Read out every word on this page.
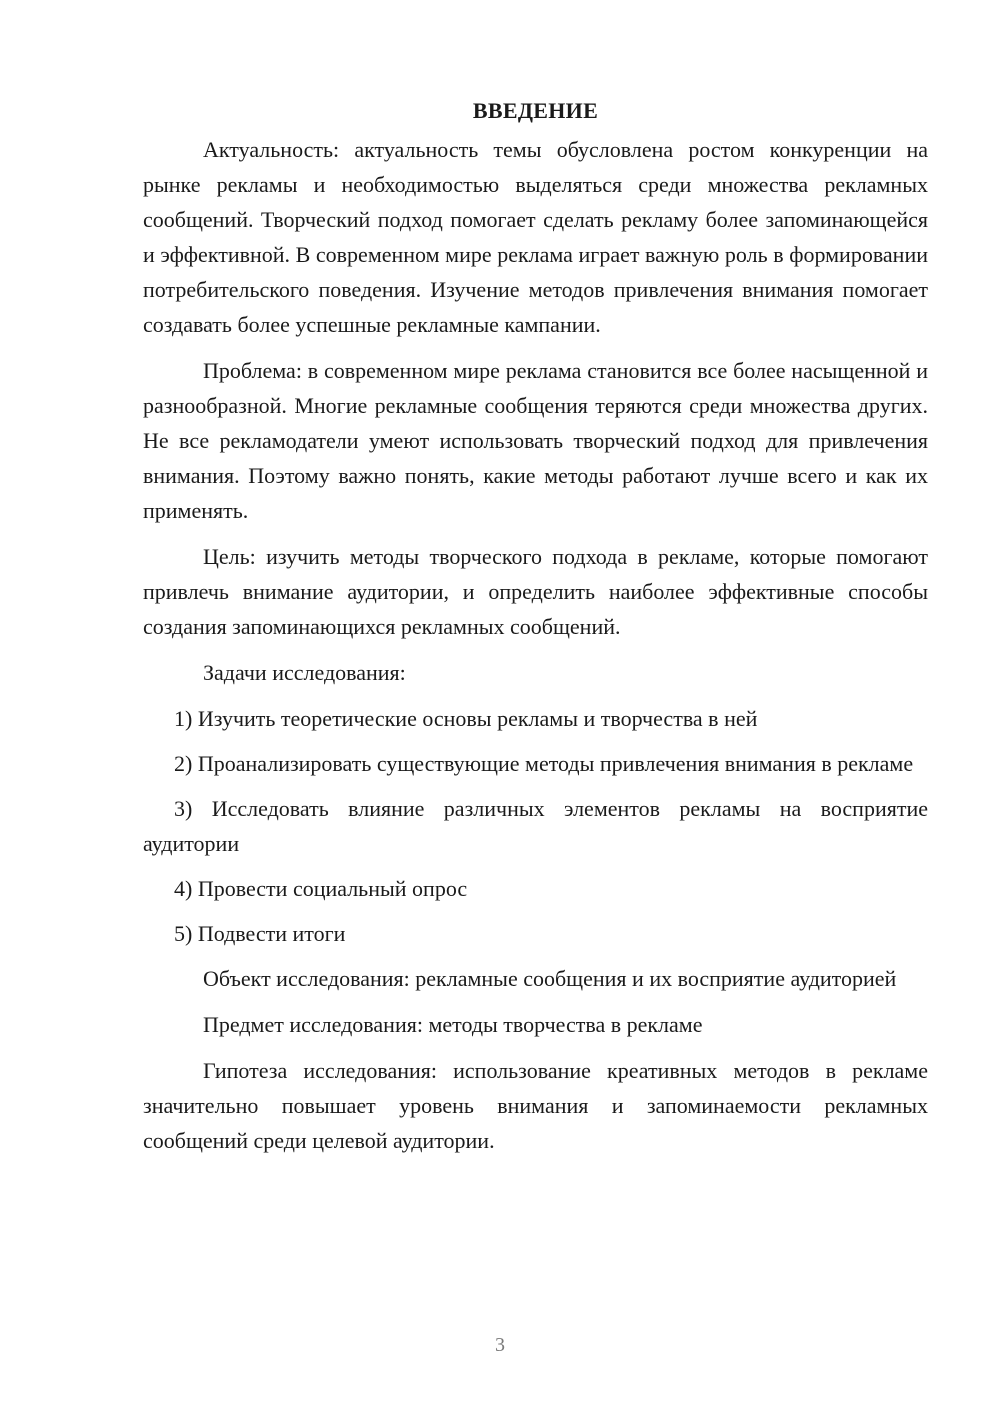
ВВЕДЕНИЕ

Актуальность: актуальность темы обусловлена ростом конкуренции на рынке рекламы и необходимостью выделяться среди множества рекламных сообщений. Творческий подход помогает сделать рекламу более запоминающейся и эффективной. В современном мире реклама играет важную роль в формировании потребительского поведения. Изучение методов привлечения внимания помогает создавать более успешные рекламные кампании.

Проблема: в современном мире реклама становится все более насыщенной и разнообразной. Многие рекламные сообщения теряются среди множества других. Не все рекламодатели умеют использовать творческий подход для привлечения внимания. Поэтому важно понять, какие методы работают лучше всего и как их применять.

Цель: изучить методы творческого подхода в рекламе, которые помогают привлечь внимание аудитории, и определить наиболее эффективные способы создания запоминающихся рекламных сообщений.

Задачи исследования:

1) Изучить теоретические основы рекламы и творчества в ней

2) Проанализировать существующие методы привлечения внимания в рекламе

3) Исследовать влияние различных элементов рекламы на восприятие аудитории

4) Провести социальный опрос

5) Подвести итоги

Объект исследования: рекламные сообщения и их восприятие аудиторией

Предмет исследования: методы творчества в рекламе

Гипотеза исследования: использование креативных методов в рекламе значительно повышает уровень внимания и запоминаемости рекламных сообщений среди целевой аудитории.

3
